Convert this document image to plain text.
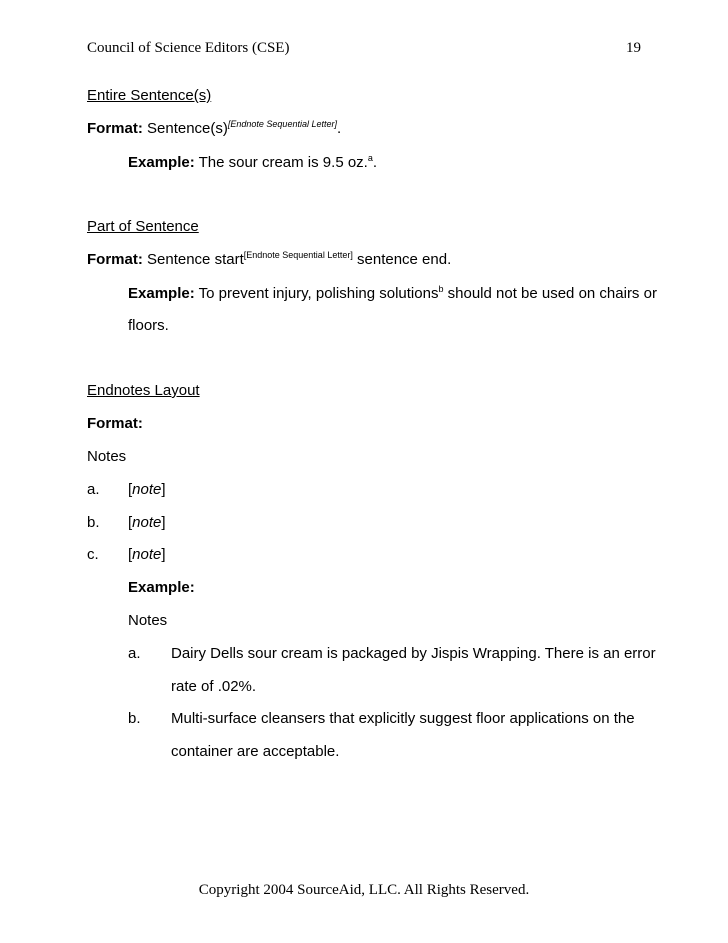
Council of Science Editors (CSE)	19
Entire Sentence(s)
Format: Sentence(s)[Endnote Sequential Letter].
Example: The sour cream is 9.5 oz.$^a$.
Part of Sentence
Format: Sentence start[Endnote Sequential Letter] sentence end.
Example: To prevent injury, polishing solutions$^b$ should not be used on chairs or
floors.
Endnotes Layout
Format:
Notes
a. [note]
b. [note]
c. [note]
Example:
Notes
a. Dairy Dells sour cream is packaged by Jispis Wrapping. There is an error
rate of .02%.
b. Multi-surface cleansers that explicitly suggest floor applications on the
container are acceptable.
Copyright 2004 SourceAid, LLC. All Rights Reserved.
